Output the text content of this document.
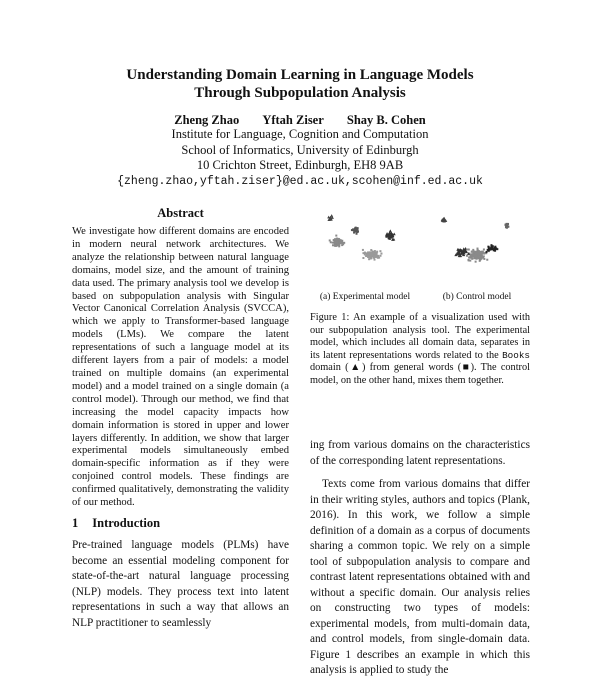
Understanding Domain Learning in Language Models
Through Subpopulation Analysis
Zheng Zhao Yftah Ziser Shay B. Cohen
Institute for Language, Cognition and Computation
School of Informatics, University of Edinburgh
10 Crichton Street, Edinburgh, EH8 9AB
{zheng.zhao,yftah.ziser}@ed.ac.uk,scohen@inf.ed.ac.uk
Abstract

We investigate how different domains are encoded in modern neural network architectures. We analyze the relationship between natural language domains, model size, and the amount of training data used. The primary analysis tool we develop is based on subpopulation analysis with Singular Vector Canonical Correlation Analysis (SVCCA), which we apply to Transformer-based language models (LMs). We compare the latent representations of such a language model at its different layers from a pair of models: a model trained on multiple domains (an experimental model) and a model trained on a single domain (a control model). Through our method, we find that increasing the model capacity impacts how domain information is stored in upper and lower layers differently. In addition, we show that larger experimental models simultaneously embed domain-specific information as if they were conjoined control models. These findings are confirmed qualitatively, demonstrating the validity of our method.

1 Introduction

Pre-trained language models (PLMs) have become an essential modeling component for state-of-the-art natural language processing (NLP) models. They process text into latent representations in such a way that allows an NLP practitioner to seamlessly

(a) Experimental model	(b) Control model

Figure 1: An example of a visualization used with our subpopulation analysis tool. The experimental model, which includes all domain data, separates in its latent representations words related to the Books domain (▲) from general words (■). The control model, on the other hand, mixes them together.

ing from various domains on the characteristics of the corresponding latent representations.

Texts come from various domains that differ in their writing styles, authors and topics (Plank, 2016). In this work, we follow a simple definition of a domain as a corpus of documents sharing a common topic. We rely on a simple tool of subpopulation analysis to compare and contrast latent representations obtained with and without a specific domain. Our analysis relies on constructing two types of models: experimental models, from multi-domain data, and control models, from single-domain data. Figure 1 describes an example in which this analysis is applied to study the
